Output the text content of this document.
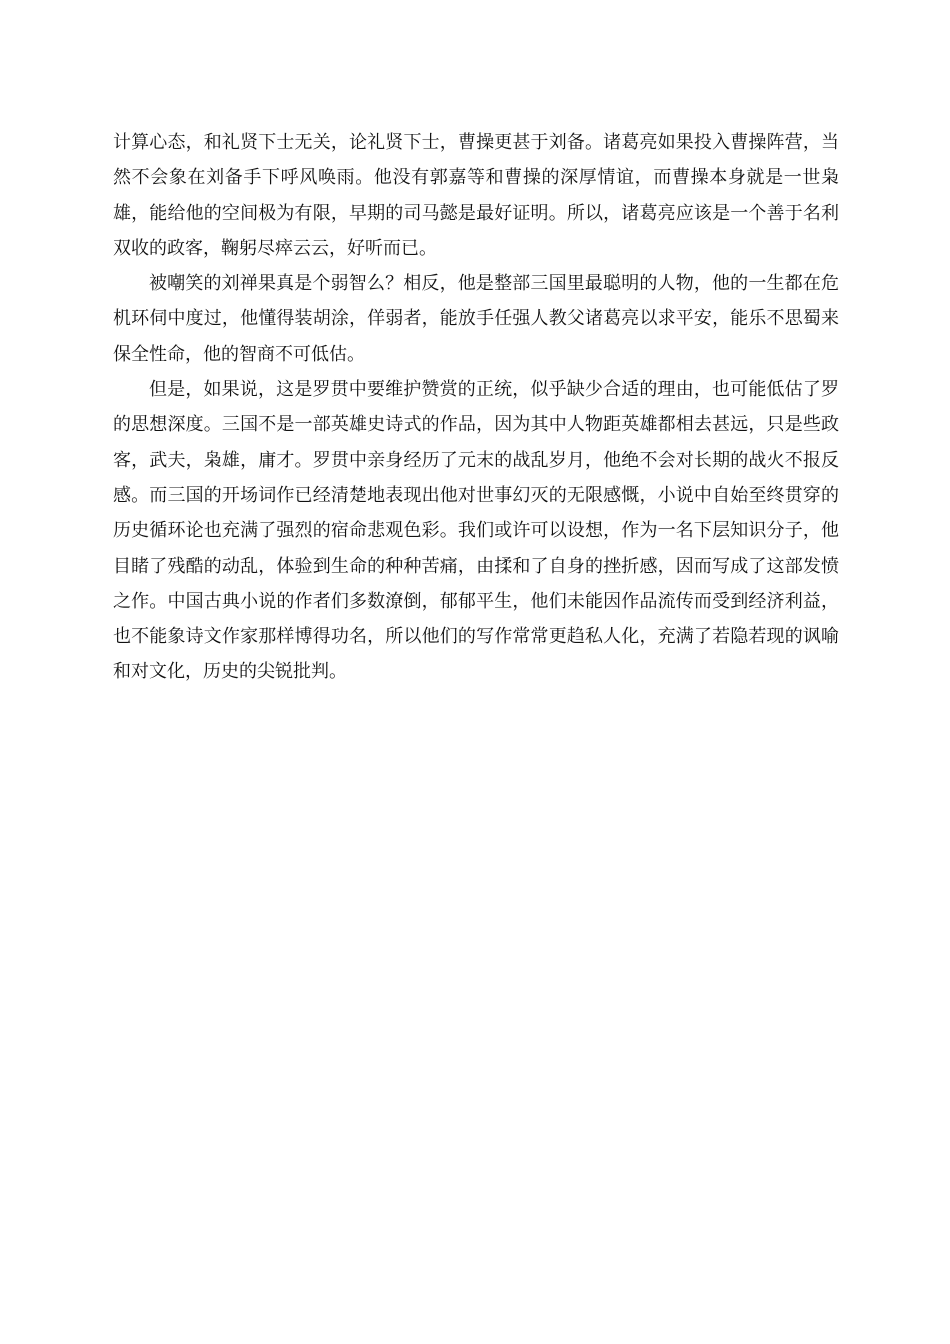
计算心态，和礼贤下士无关，论礼贤下士，曹操更甚于刘备。诸葛亮如果投入曹操阵营，当然不会象在刘备手下呼风唤雨。他没有郭嘉等和曹操的深厚情谊，而曹操本身就是一世枭雄，能给他的空间极为有限，早期的司马懿是最好证明。所以，诸葛亮应该是一个善于名利双收的政客，鞠躬尽瘁云云，好听而已。

被嘲笑的刘禅果真是个弱智么？相反，他是整部三国里最聪明的人物，他的一生都在危机环伺中度过，他懂得装胡涂，佯弱者，能放手任强人教父诸葛亮以求平安，能乐不思蜀来保全性命，他的智商不可低估。

但是，如果说，这是罗贯中要维护赞赏的正统，似乎缺少合适的理由，也可能低估了罗的思想深度。三国不是一部英雄史诗式的作品，因为其中人物距英雄都相去甚远，只是些政客，武夫，枭雄，庸才。罗贯中亲身经历了元末的战乱岁月，他绝不会对长期的战火不报反感。而三国的开场词作已经清楚地表现出他对世事幻灭的无限感慨，小说中自始至终贯穿的历史循环论也充满了强烈的宿命悲观色彩。我们或许可以设想，作为一名下层知识分子，他目睹了残酷的动乱，体验到生命的种种苦痛，由揉和了自身的挫折感，因而写成了这部发愤之作。中国古典小说的作者们多数潦倒，郁郁平生，他们未能因作品流传而受到经济利益，也不能象诗文作家那样博得功名，所以他们的写作常常更趋私人化，充满了若隐若现的讽喻和对文化，历史的尖锐批判。
